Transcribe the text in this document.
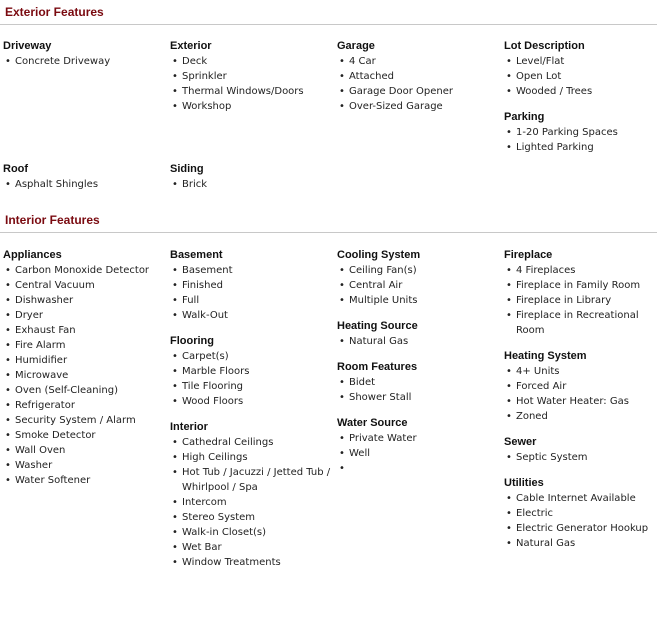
Exterior Features
Driveway
• Concrete Driveway
Exterior
• Deck
• Sprinkler
• Thermal Windows/Doors
• Workshop
Garage
• 4 Car
• Attached
• Garage Door Opener
• Over-Sized Garage
Lot Description
• Level/Flat
• Open Lot
• Wooded / Trees
Parking
• 1-20 Parking Spaces
• Lighted Parking
Roof
• Asphalt Shingles
Siding
• Brick
Interior Features
Appliances
• Carbon Monoxide Detector
• Central Vacuum
• Dishwasher
• Dryer
• Exhaust Fan
• Fire Alarm
• Humidifier
• Microwave
• Oven (Self-Cleaning)
• Refrigerator
• Security System / Alarm
• Smoke Detector
• Wall Oven
• Washer
• Water Softener
Basement
• Basement
• Finished
• Full
• Walk-Out
Flooring
• Carpet(s)
• Marble Floors
• Tile Flooring
• Wood Floors
Interior
• Cathedral Ceilings
• High Ceilings
• Hot Tub / Jacuzzi / Jetted Tub / Whirlpool / Spa
• Intercom
• Stereo System
• Walk-in Closet(s)
• Wet Bar
• Window Treatments
Cooling System
• Ceiling Fan(s)
• Central Air
• Multiple Units
Heating Source
• Natural Gas
Room Features
• Bidet
• Shower Stall
Water Source
• Private Water
• Well
•
Fireplace
• 4 Fireplaces
• Fireplace in Family Room
• Fireplace in Library
• Fireplace in Recreational Room
Heating System
• 4+ Units
• Forced Air
• Hot Water Heater: Gas
• Zoned
Sewer
• Septic System
Utilities
• Cable Internet Available
• Electric
• Electric Generator Hookup
• Natural Gas
